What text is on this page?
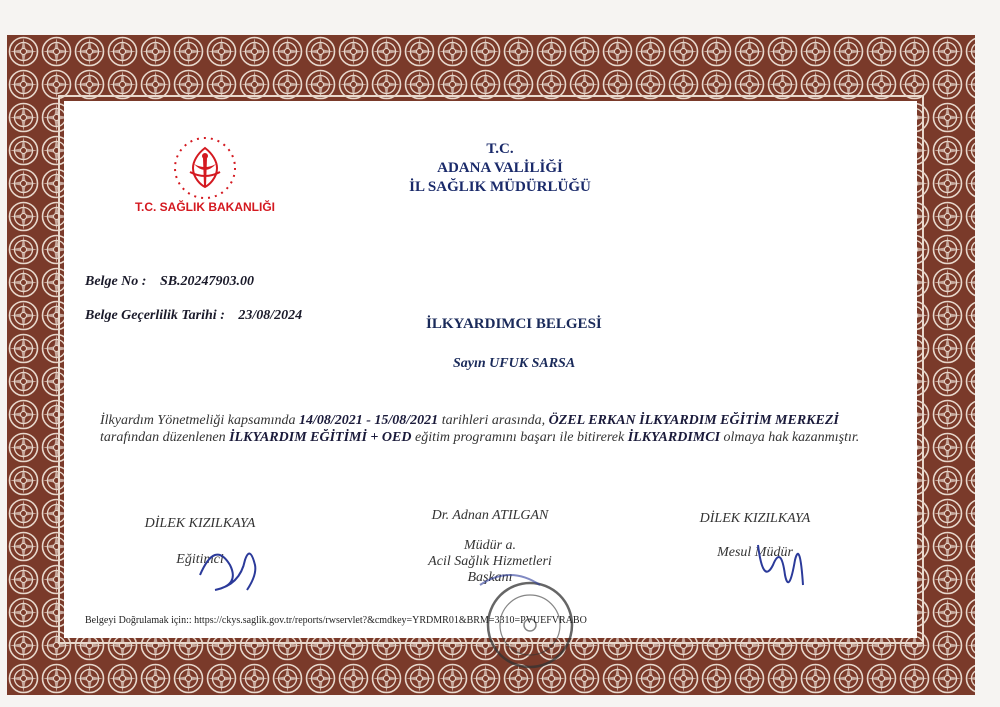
T.C. SAĞLIK BAKANLIĞI
T.C.
ADANA VALİLİĞİ
İL SAĞLIK MÜDÜRLÜĞÜ
Belge No : SB.20247903.00
Belge Geçerlilik Tarihi : 23/08/2024
İLKYARDIMCI BELGESİ
Sayın UFUK SARSA
İlkyardım Yönetmeliği kapsamında 14/08/2021 - 15/08/2021 tarihleri arasında, ÖZEL ERKAN İLKYARDIM EĞİTİM MERKEZİ tarafından düzenlenen İLKYARDIM EĞİTİMİ + OED eğitim programını başarı ile bitirerek İLKYARDIMCI olmaya hak kazanmıştır.
DİLEK KIZILKAYA
Eğitimci
Dr. Adnan ATILGAN
Müdür a.
Acil Sağlık Hizmetleri
Başkanı
DİLEK KIZILKAYA
Mesul Müdür
Belgeyi Doğrulamak için:: https://ckys.saglik.gov.tr/reports/rwservlet?&cmdkey=YRDMR01&BRM=3310=PVUEFVRABO
